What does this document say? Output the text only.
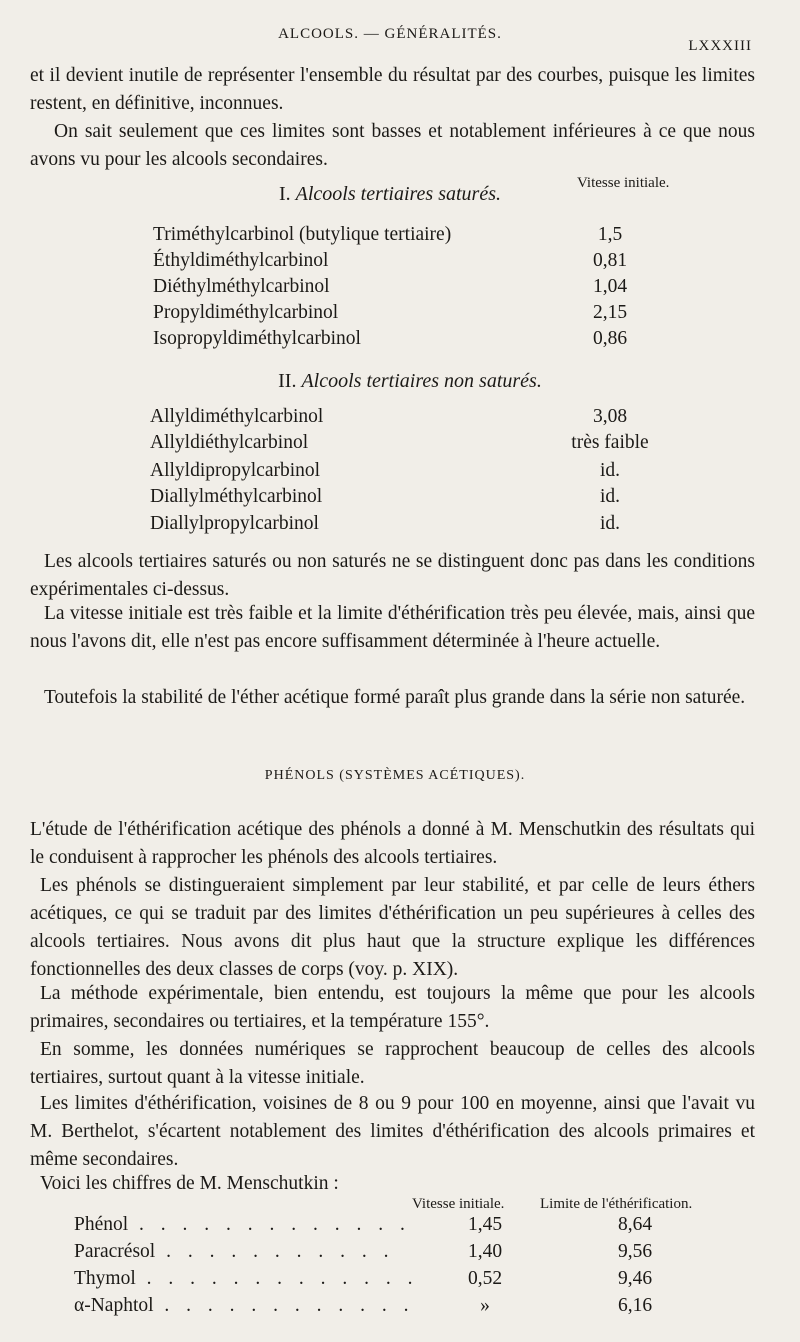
ALCOOLS. — GÉNÉRALITÉS.
LXXXIII
et il devient inutile de représenter l'ensemble du résultat par des courbes, puisque les limites restent, en définitive, inconnues.
On sait seulement que ces limites sont basses et notablement inférieures à ce que nous avons vu pour les alcools secondaires.
Vitesse initiale.
I. Alcools tertiaires saturés.
Triméthylcarbinol (butylique tertiaire)	1,5
Éthyldiméthylcarbinol	0,81
Diéthylméthylcarbinol	1,04
Propyldiméthylcarbinol	2,15
Isopropyldiméthylcarbinol	0,86
II. Alcools tertiaires non saturés.
Allyldiméthylcarbinol	3,08
Allyldiéthylcarbinol	très faible
Allyldipropylcarbinol	id.
Diallylméthylcarbinol	id.
Diallylpropylcarbinol	id.
Les alcools tertiaires saturés ou non saturés ne se distinguent donc pas dans les conditions expérimentales ci-dessus.
La vitesse initiale est très faible et la limite d'éthérification très peu élevée, mais, ainsi que nous l'avons dit, elle n'est pas encore suffisamment déterminée à l'heure actuelle.
Toutefois la stabilité de l'éther acétique formé paraît plus grande dans la série non saturée.
PHÉNOLS (SYSTÈMES ACÉTIQUES).
L'étude de l'éthérification acétique des phénols a donné à M. Menschutkin des résultats qui le conduisent à rapprocher les phénols des alcools tertiaires.
Les phénols se distingueraient simplement par leur stabilité, et par celle de leurs éthers acétiques, ce qui se traduit par des limites d'éthérification un peu supérieures à celles des alcools tertiaires. Nous avons dit plus haut que la structure explique les différences fonctionnelles des deux classes de corps (voy. p. XIX).
La méthode expérimentale, bien entendu, est toujours la même que pour les alcools primaires, secondaires ou tertiaires, et la température 155°.
En somme, les données numériques se rapprochent beaucoup de celles des alcools tertiaires, surtout quant à la vitesse initiale.
Les limites d'éthérification, voisines de 8 ou 9 pour 100 en moyenne, ainsi que l'avait vu M. Berthelot, s'écartent notablement des limites d'éthérification des alcools primaires et même secondaires.
Voici les chiffres de M. Menschutkin :
Vitesse initiale. Limite de l'éthérification.
Phénol . . . . . . . . . . . . .	1,45	8,64
Paracrésol . . . . . . . . . . .	1,40	9,56
Thymol . . . . . . . . . . . . .	0,52	9,46
α-Naphtol . . . . . . . . . . . .	»	6,16
